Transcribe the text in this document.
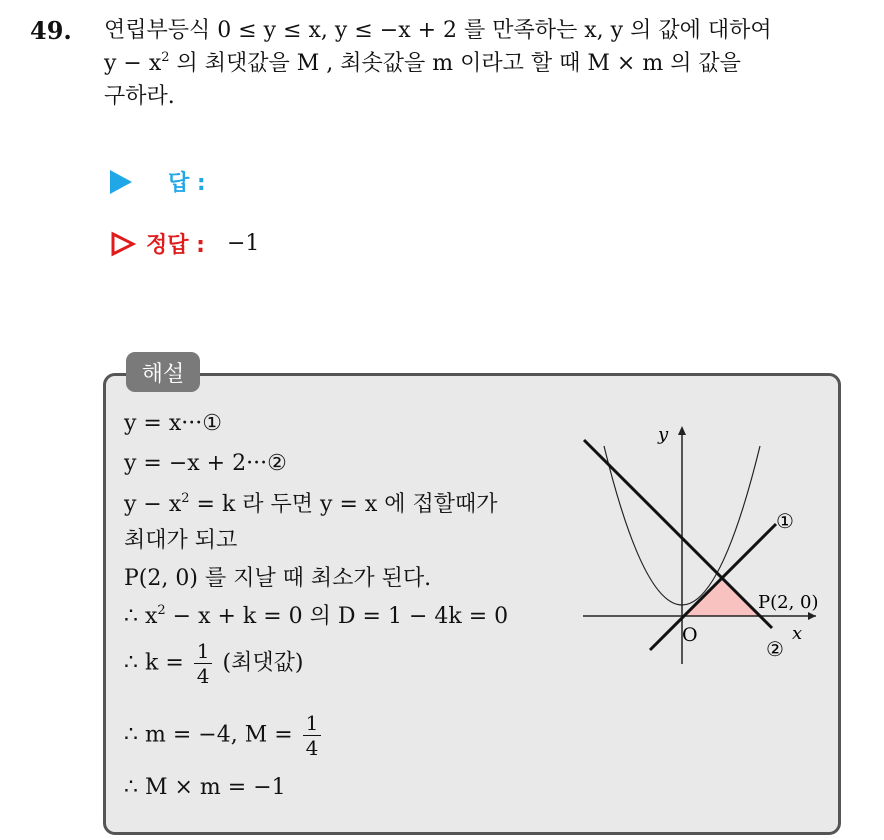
49. 연립부등식 0 ≤ y ≤ x, y ≤ −x + 2 를 만족하는 x, y 의 값에 대하여
$y - x^2$ 의 최댓값을 M , 최솟값을 m 이라고 할 때 M × m 의 값을
구하라.
답 :
정답 : −1
해설
y = x···①
y = −x + 2···②
$y - x^2 = k$ 라 두면 y = x 에 접할때가
최대가 되고
P(2, 0) 를 지날 때 최소가 된다.
∴ $x^2 - x + k = 0$ 의 D = 1 − 4k = 0
∴ $k = \frac{1}{4}$ (최댓값)
∴ m = −4, $M = \frac{1}{4}$
∴ M × m = −1
y
x
O
①
②
P(2, 0)
